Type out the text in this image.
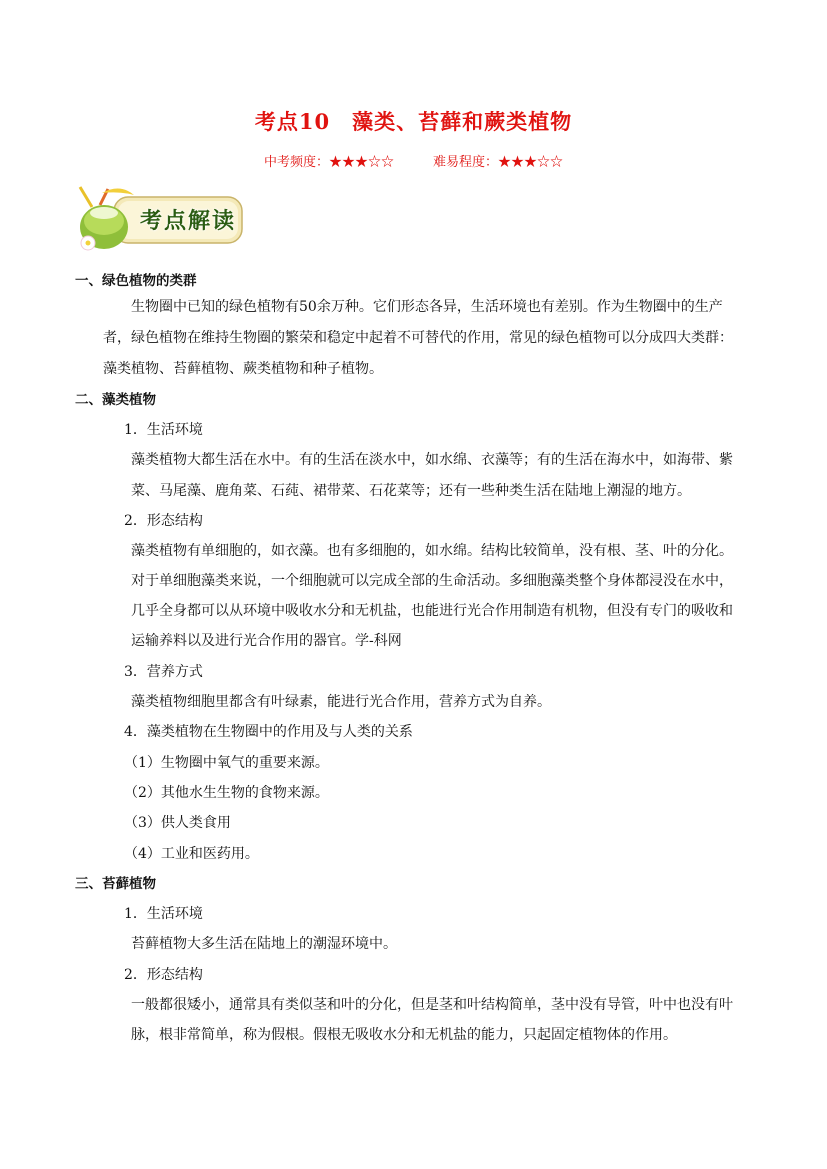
考点10　藻类、苔藓和蕨类植物
中考频度：★★★☆☆　　　难易程度：★★★☆☆
考点解读
一、绿色植物的类群
生物圈中已知的绿色植物有50余万种。它们形态各异，生活环境也有差别。作为生物圈中的生产
者，绿色植物在维持生物圈的繁荣和稳定中起着不可替代的作用，常见的绿色植物可以分成四大类群：
藻类植物、苔藓植物、蕨类植物和种子植物。
二、藻类植物
1．生活环境
藻类植物大都生活在水中。有的生活在淡水中，如水绵、衣藻等；有的生活在海水中，如海带、紫
菜、马尾藻、鹿角菜、石莼、裙带菜、石花菜等；还有一些种类生活在陆地上潮湿的地方。
2．形态结构
藻类植物有单细胞的，如衣藻。也有多细胞的，如水绵。结构比较简单，没有根、茎、叶的分化。
对于单细胞藻类来说，一个细胞就可以完成全部的生命活动。多细胞藻类整个身体都浸没在水中，
几乎全身都可以从环境中吸收水分和无机盐，也能进行光合作用制造有机物，但没有专门的吸收和
运输养料以及进行光合作用的器官。学-科网
3．营养方式
藻类植物细胞里都含有叶绿素，能进行光合作用，营养方式为自养。
4．藻类植物在生物圈中的作用及与人类的关系
（1）生物圈中氧气的重要来源。
（2）其他水生生物的食物来源。
（3）供人类食用
（4）工业和医药用。
三、苔藓植物
1．生活环境
苔藓植物大多生活在陆地上的潮湿环境中。
2．形态结构
一般都很矮小，通常具有类似茎和叶的分化，但是茎和叶结构简单，茎中没有导管，叶中也没有叶
脉，根非常简单，称为假根。假根无吸收水分和无机盐的能力，只起固定植物体的作用。
